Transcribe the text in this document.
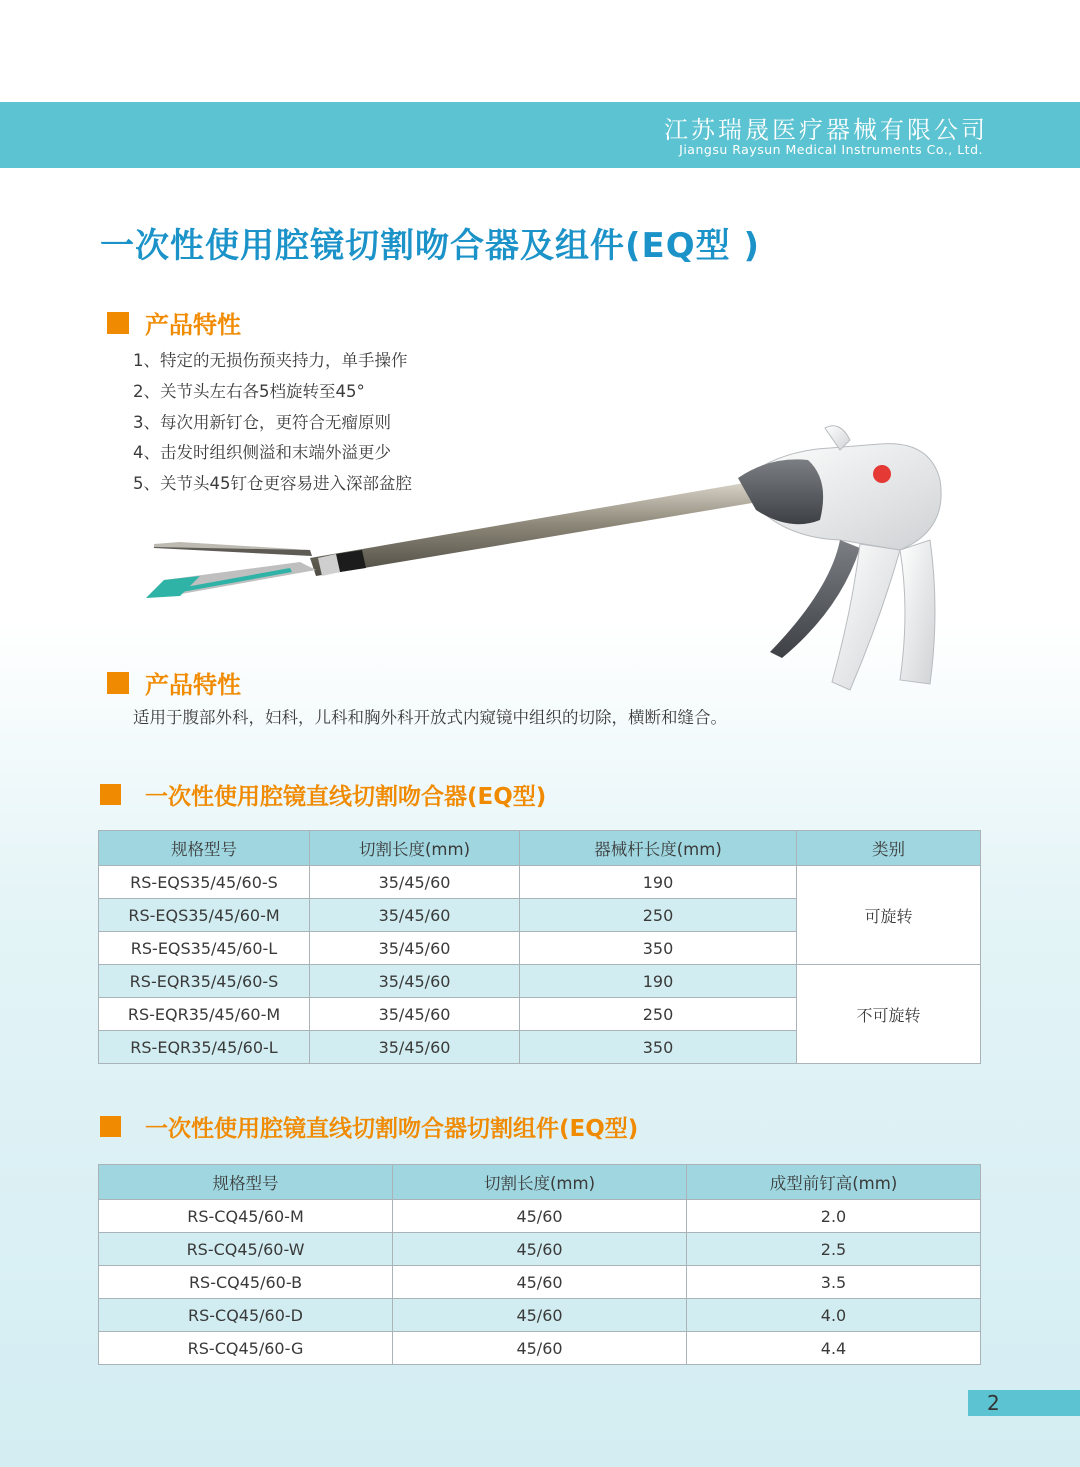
江苏瑞晟医疗器械有限公司
Jiangsu Raysun Medical Instruments Co., Ltd.
一次性使用腔镜切割吻合器及组件(EQ型 )
产品特性
1、特定的无损伤预夹持力，单手操作
2、关节头左右各5档旋转至45°
3、每次用新钉仓，更符合无瘤原则
4、击发时组织侧溢和末端外溢更少
5、关节头45钉仓更容易进入深部盆腔
产品特性
适用于腹部外科，妇科，儿科和胸外科开放式内窥镜中组织的切除，横断和缝合。
一次性使用腔镜直线切割吻合器(EQ型)
规格型号	切割长度(mm)	器械杆长度(mm)	类别
RS-EQS35/45/60-S	35/45/60	190	可旋转
RS-EQS35/45/60-M	35/45/60	250	
RS-EQS35/45/60-L	35/45/60	350	
RS-EQR35/45/60-S	35/45/60	190	不可旋转
RS-EQR35/45/60-M	35/45/60	250	
RS-EQR35/45/60-L	35/45/60	350	
一次性使用腔镜直线切割吻合器切割组件(EQ型)
规格型号	切割长度(mm)	成型前钉高(mm)
RS-CQ45/60-M	45/60	2.0
RS-CQ45/60-W	45/60	2.5
RS-CQ45/60-B	45/60	3.5
RS-CQ45/60-D	45/60	4.0
RS-CQ45/60-G	45/60	4.4
2
